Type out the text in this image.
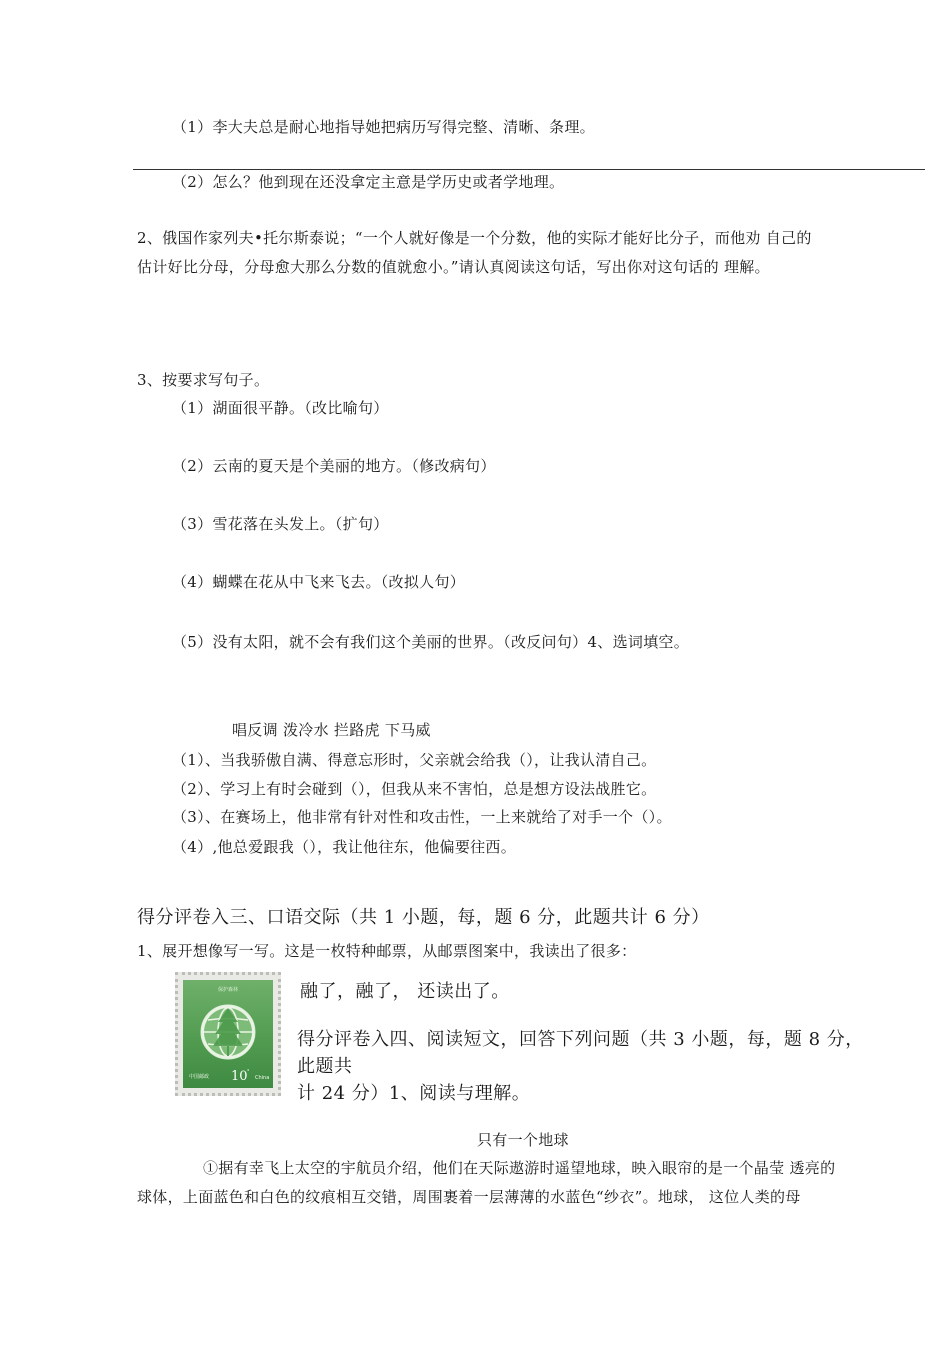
（1）李大夫总是耐心地指导她把病历写得完整、清晰、条理。
（2）怎么？他到现在还没拿定主意是学历史或者学地理。
2、俄国作家列夫•托尔斯泰说；“一个人就好像是一个分数，他的实际才能好比分子，而他劝 自己的
估计好比分母，分母愈大那么分数的值就愈小。”请认真阅读这句话，写出你对这句话的 理解。
3、按要求写句子。
（1）湖面很平静。（改比喻句）
（2）云南的夏天是个美丽的地方。（修改病句）
（3）雪花落在头发上。（扩句）
（4）蝴蝶在花从中飞来飞去。（改拟人句）
（5）没有太阳，就不会有我们这个美丽的世界。（改反问句）4、选词填空。
唱反调 泼冷水 拦路虎 下马威
（1）、当我骄傲自满、得意忘形时，父亲就会给我（），让我认清自己。
（2）、学习上有时会碰到（），但我从来不害怕，总是想方设法战胜它。
（3）、在赛场上，他非常有针对性和攻击性，一上来就给了对手一个（）。
（4）,他总爱跟我（），我让他往东，他偏要往西。
得分评卷入三、口语交际（共 1 小题，每，题 6 分，此题共计 6 分）
1、展开想像写一写。这是一枚特种邮票，从邮票图案中，我读出了很多：
保护森林
中国邮政 10 °
China
融了，融了， 还读出了。
得分评卷入四、阅读短文，回答下列问题（共 3 小题，每，题 8 分，
此题共
计 24 分）1、阅读与理解。
只有一个地球
①据有幸飞上太空的宇航员介绍，他们在天际遨游时遥望地球，映入眼帘的是一个晶莹 透亮的
球体，上面蓝色和白色的纹痕相互交错，周围裹着一层薄薄的水蓝色“纱衣”。地球， 这位人类的母
